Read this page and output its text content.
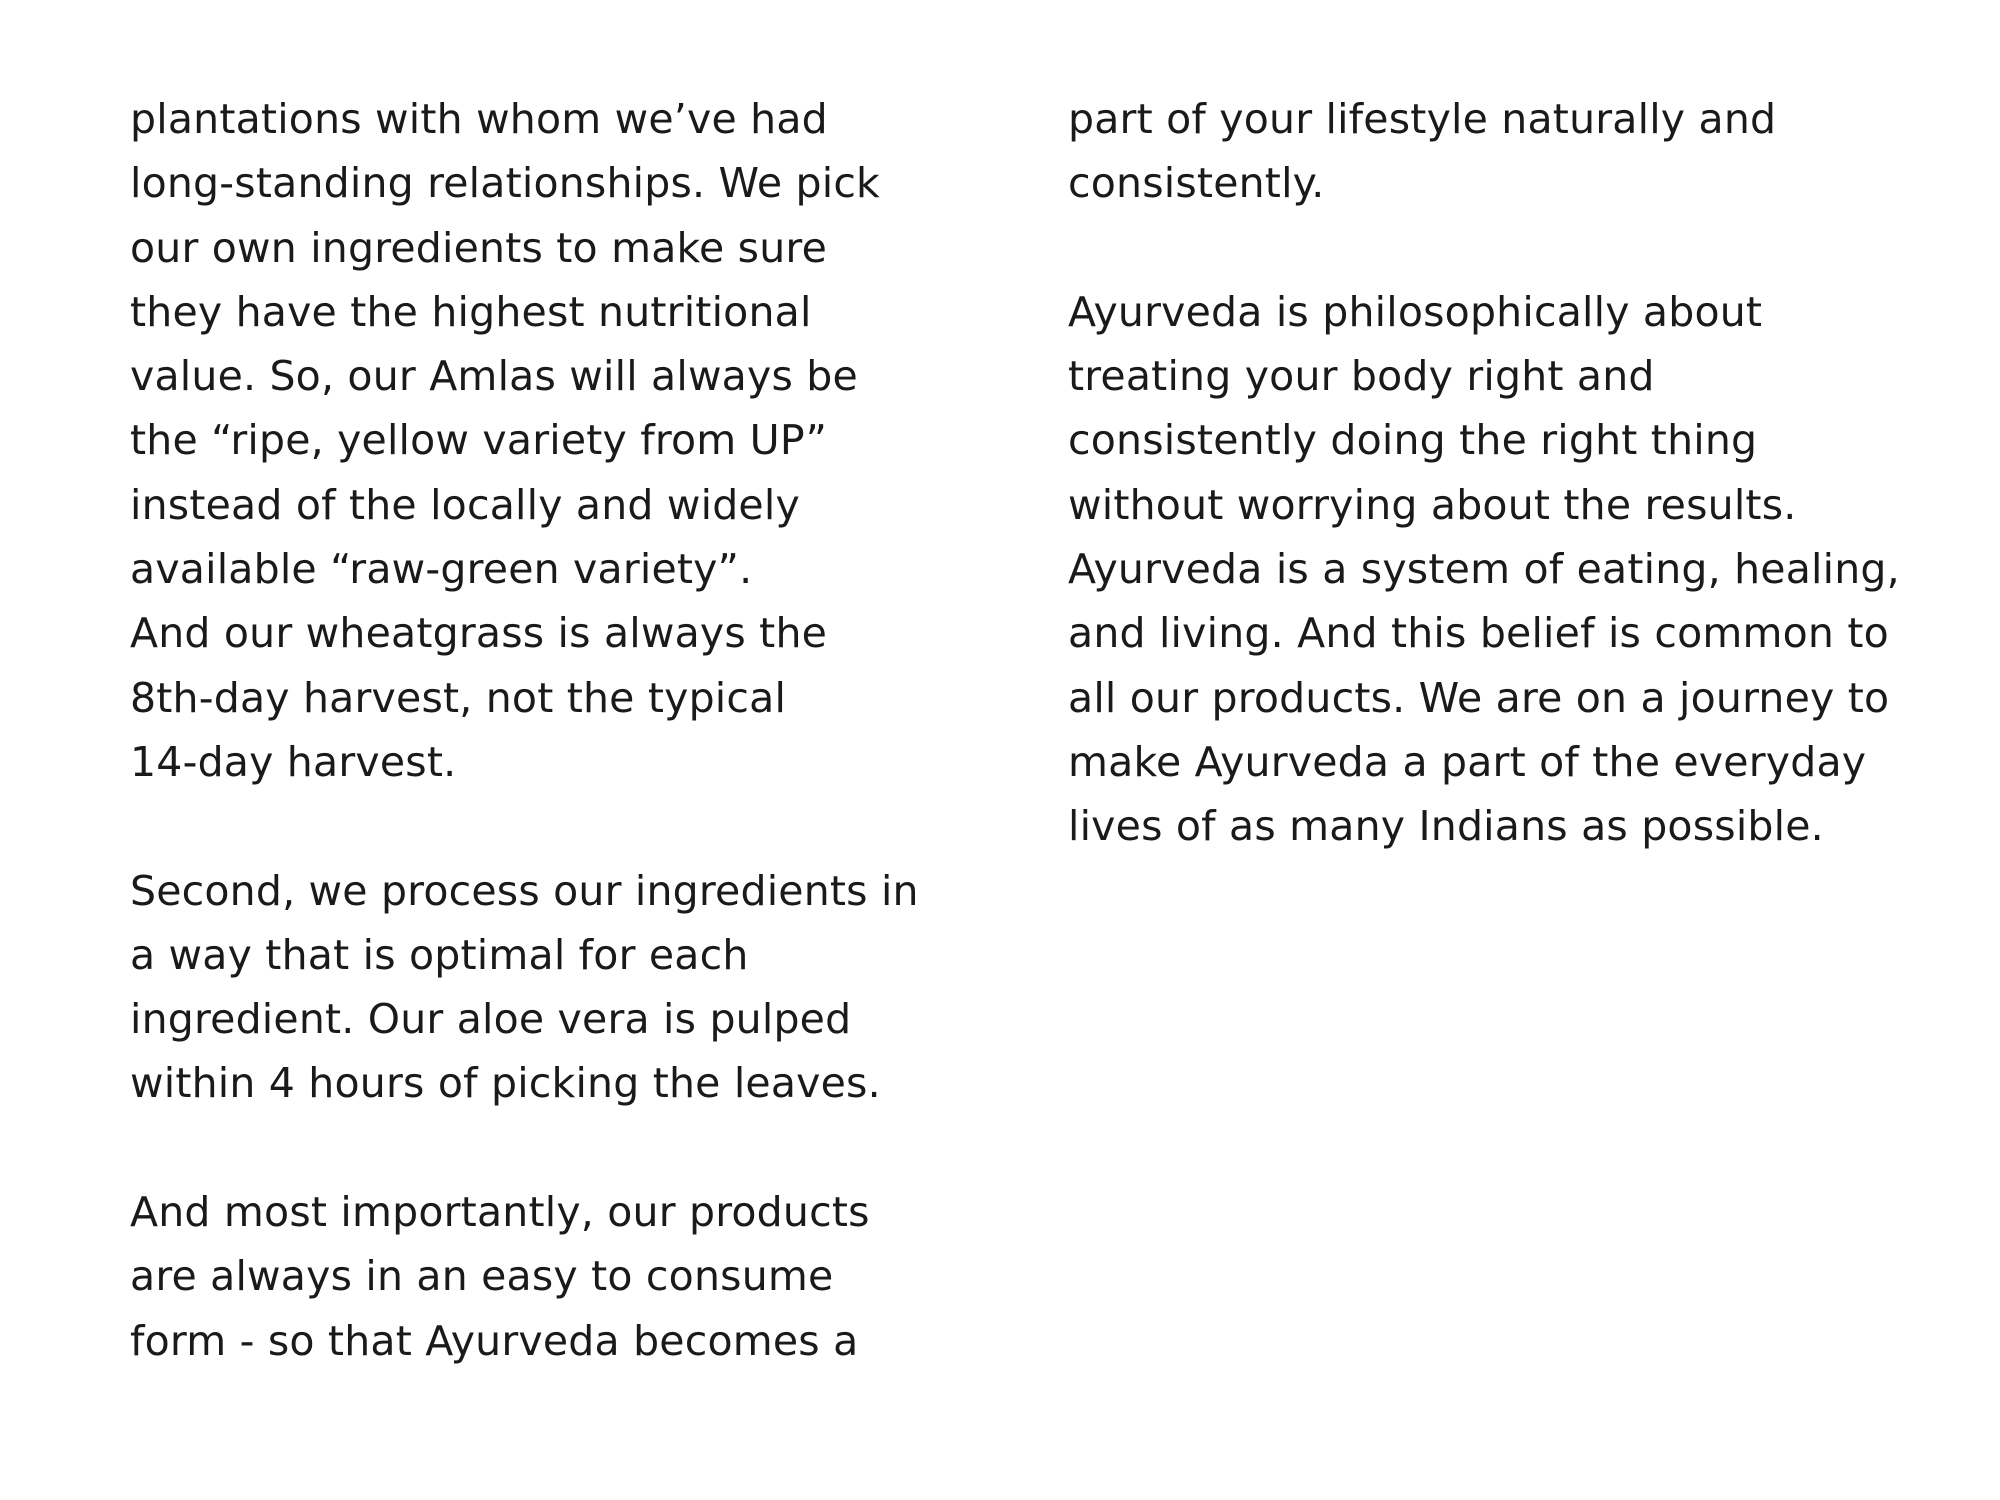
plantations with whom we’ve had
long-standing relationships. We pick
our own ingredients to make sure
they have the highest nutritional
value. So, our Amlas will always be
the “ripe, yellow variety from UP”
instead of the locally and widely
available “raw-green variety”.
And our wheatgrass is always the
8th-day harvest, not the typical
14-day harvest.
Second, we process our ingredients in
a way that is optimal for each
ingredient. Our aloe vera is pulped
within 4 hours of picking the leaves.
And most importantly, our products
are always in an easy to consume
form - so that Ayurveda becomes a
part of your lifestyle naturally and
consistently.
Ayurveda is philosophically about
treating your body right and
consistently doing the right thing
without worrying about the results.
Ayurveda is a system of eating, healing,
and living. And this belief is common to
all our products. We are on a journey to
make Ayurveda a part of the everyday
lives of as many Indians as possible.
